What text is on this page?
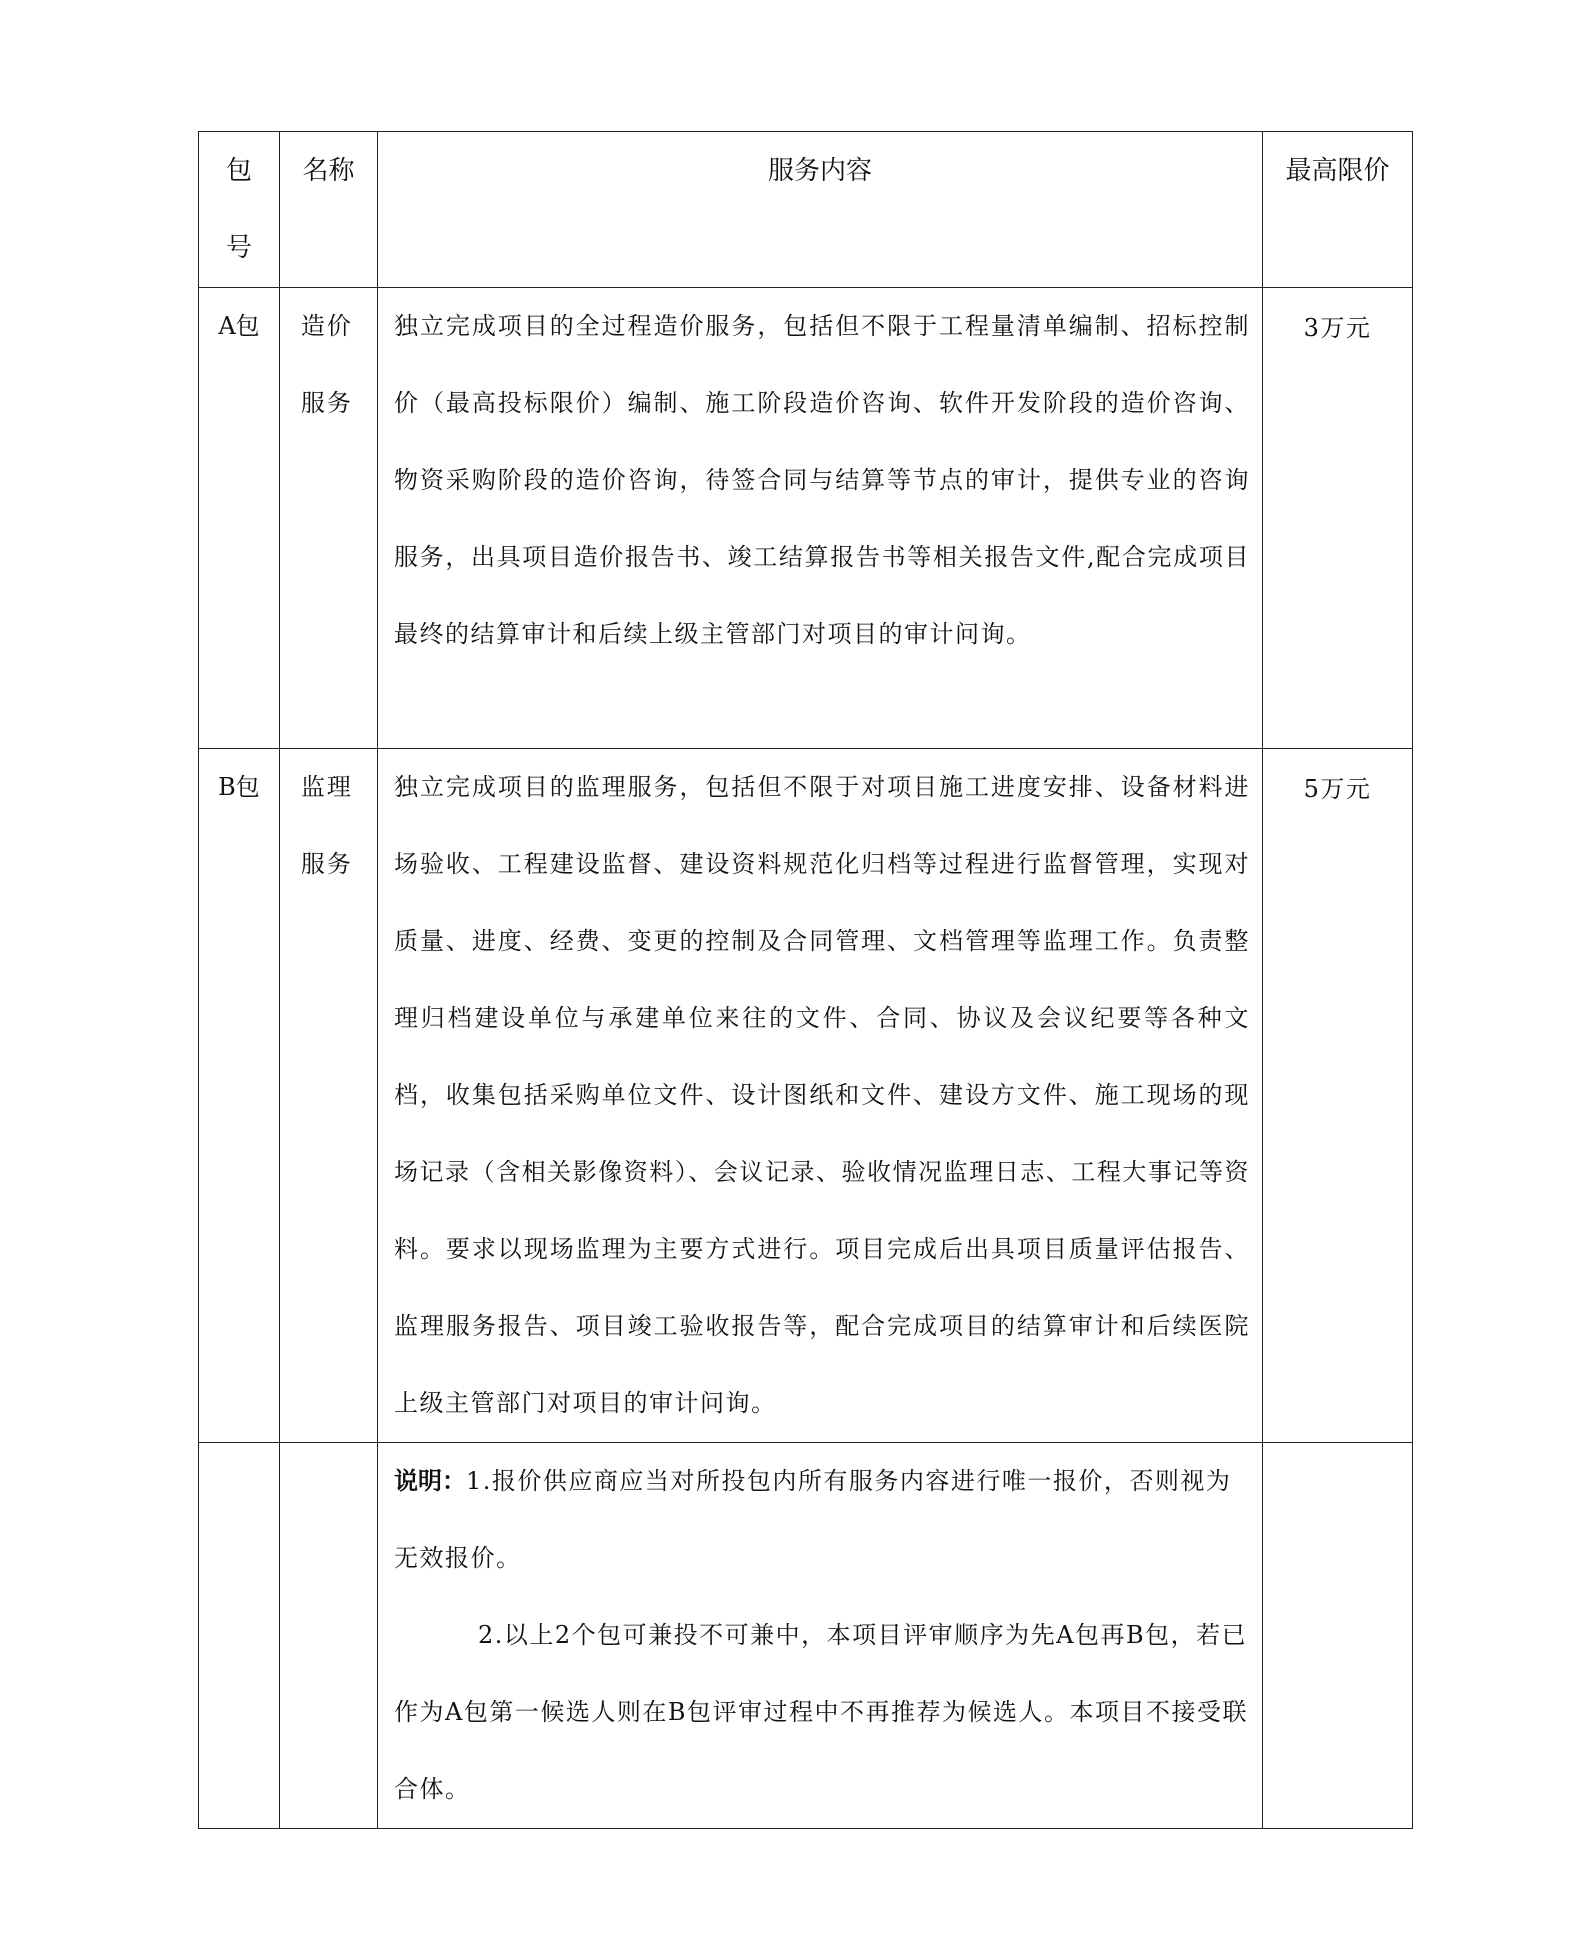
包号	名称	服务内容	最高限价

A包	造价服务	独立完成项目的全过程造价服务，包括但不限于工程量清单编制、招标控制价（最高投标限价）编制、施工阶段造价咨询、软件开发阶段的造价咨询、物资采购阶段的造价咨询，待签合同与结算等节点的审计，提供专业的咨询服务，出具项目造价报告书、竣工结算报告书等相关报告文件,配合完成项目最终的结算审计和后续上级主管部门对项目的审计问询。	3万元

B包	监理服务	独立完成项目的监理服务，包括但不限于对项目施工进度安排、设备材料进场验收、工程建设监督、建设资料规范化归档等过程进行监督管理，实现对质量、进度、经费、变更的控制及合同管理、文档管理等监理工作。负责整理归档建设单位与承建单位来往的文件、合同、协议及会议纪要等各种文档，收集包括采购单位文件、设计图纸和文件、建设方文件、施工现场的现场记录（含相关影像资料）、会议记录、验收情况监理日志、工程大事记等资料。要求以现场监理为主要方式进行。项目完成后出具项目质量评估报告、监理服务报告、项目竣工验收报告等，配合完成项目的结算审计和后续医院上级主管部门对项目的审计问询。	5万元

		说明：1.报价供应商应当对所投包内所有服务内容进行唯一报价，否则视为无效报价。

2.以上2个包可兼投不可兼中，本项目评审顺序为先A包再B包，若已作为A包第一候选人则在B包评审过程中不再推荐为候选人。本项目不接受联合体。	
